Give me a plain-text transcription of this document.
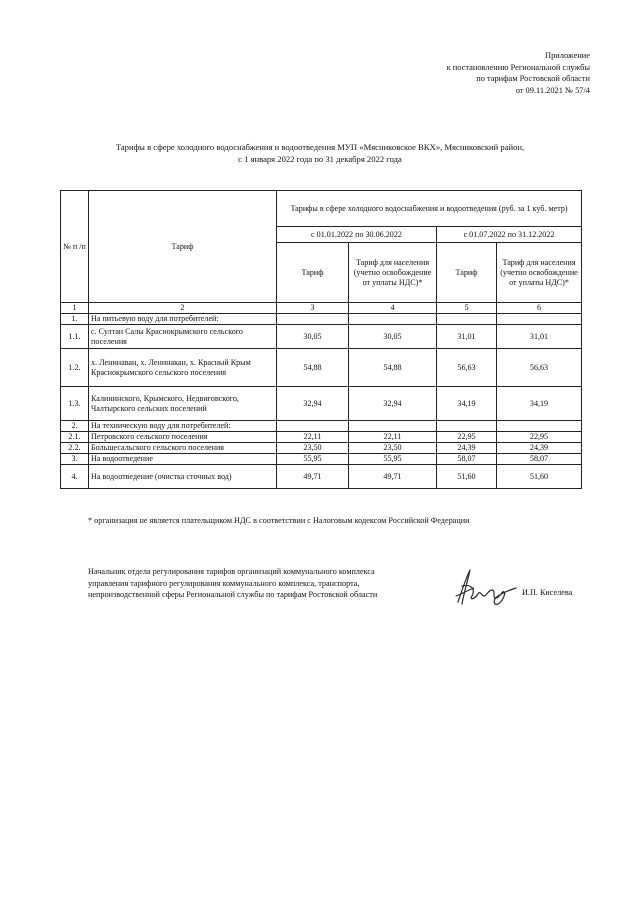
Приложение
к постановлению Региональной службы
по тарифам Ростовской области
от 09.11.2021 № 57/4
Тарифы в сфере холодного водоснабжения и водоотведения МУП «Мясниковское ВКХ», Мясниковский район,
с 1 января 2022 года по 31 декабря 2022 года
№ п /п	Тариф	Тарифы в сфере холодного водоснабжения и водоотведения (руб. за 1 куб. метр)			
		с 01.01.2022 по 30.06.2022		с 01.07.2022 по 31.12.2022	
		Тариф	Тариф для населения (учетно освобождение от уплаты НДС)*	Тариф	Тариф для населения (учетно освобождение от уплаты НДС)*
1	2	3	4	5	6
1.	На питьевую воду для потребителей:				
1.1.	с. Султан Салы Краснокрымского сельского поселения	30,05	30,05	31,01	31,01
1.2.	х. Ленинаван, х. Ленинакан, х. Красный Крым Краснокрымского сельского поселения	54,88	54,88	56,63	56,63
1.3.	Калининского, Крымского, Недвиговского, Чалтырского сельских поселений	32,94	32,94	34,19	34,19
2.	На техническую воду для потребителей:				
2.1.	Петровского сельского поселения	22,11	22,11	22,95	22,95
2.2.	Большесальского сельского поселения	23,50	23,50	24,39	24,39
3.	На водоотведение	55,95	55,95	58,07	58,07
4.	На водоотведение (очистка сточных вод)	49,71	49,71	51,60	51,60
* организация не является плательщиком НДС в соответствии с Налоговым кодексом Российской Федерации
Начальник отдела регулирования тарифов организаций коммунального комплекса
управления тарифного регулирования коммунального комплекса, транспорта,
непроизводственной сферы Региональной службы по тарифам Ростовской области	И.П. Киселева
